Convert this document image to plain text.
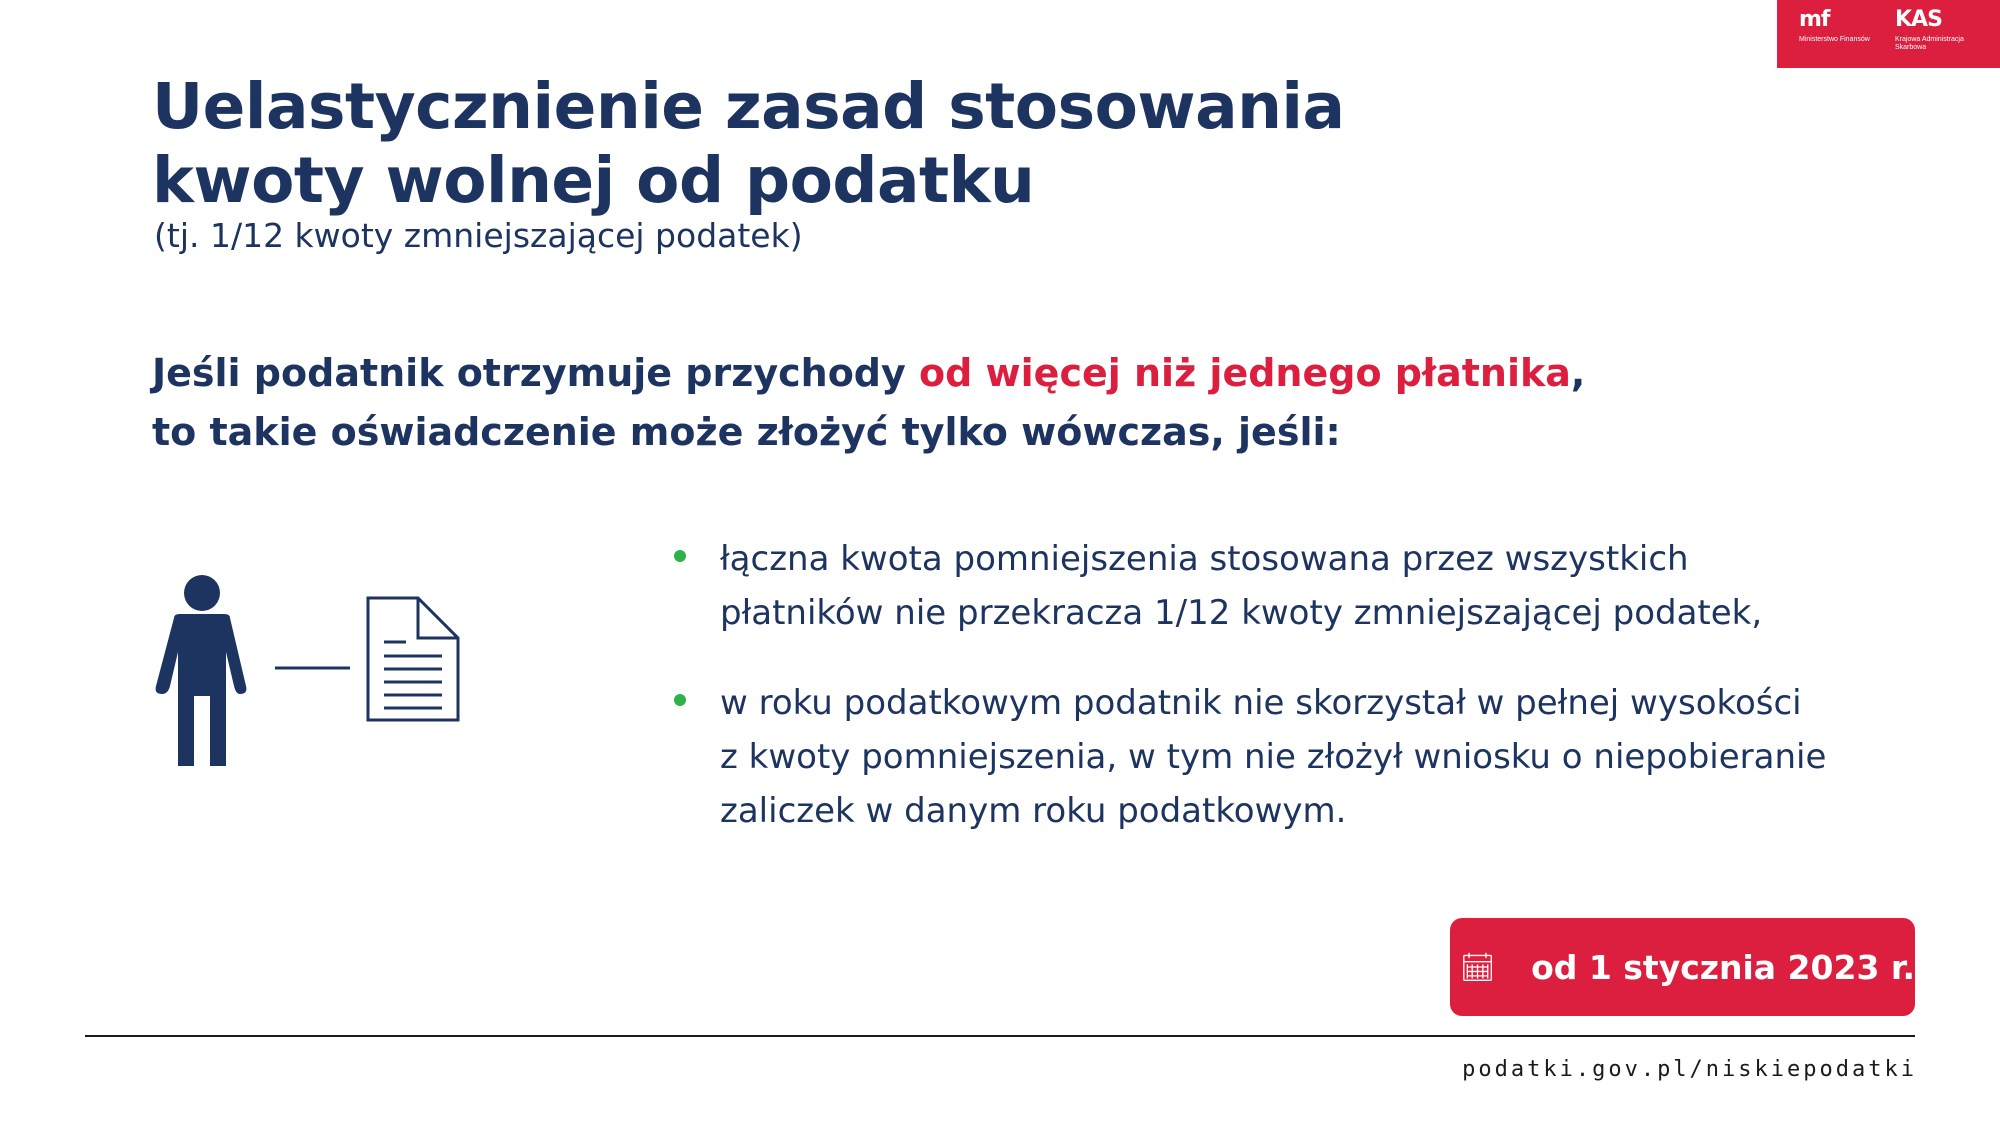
mf
Ministerstwo Finansów
KAS
Krajowa Administracja Skarbowa
Uelastycznienie zasad stosowania
kwoty wolnej od podatku
(tj. 1/12 kwoty zmniejszającej podatek)
Jeśli podatnik otrzymuje przychody od więcej niż jednego płatnika,
to takie oświadczenie może złożyć tylko wówczas, jeśli:
łączna kwota pomniejszenia stosowana przez wszystkich
płatników nie przekracza 1/12 kwoty zmniejszającej podatek,
w roku podatkowym podatnik nie skorzystał w pełnej wysokości
z kwoty pomniejszenia, w tym nie złożył wniosku o niepobieranie
zaliczek w danym roku podatkowym.
od 1 stycznia 2023 r.
podatki.gov.pl/niskiepodatki
